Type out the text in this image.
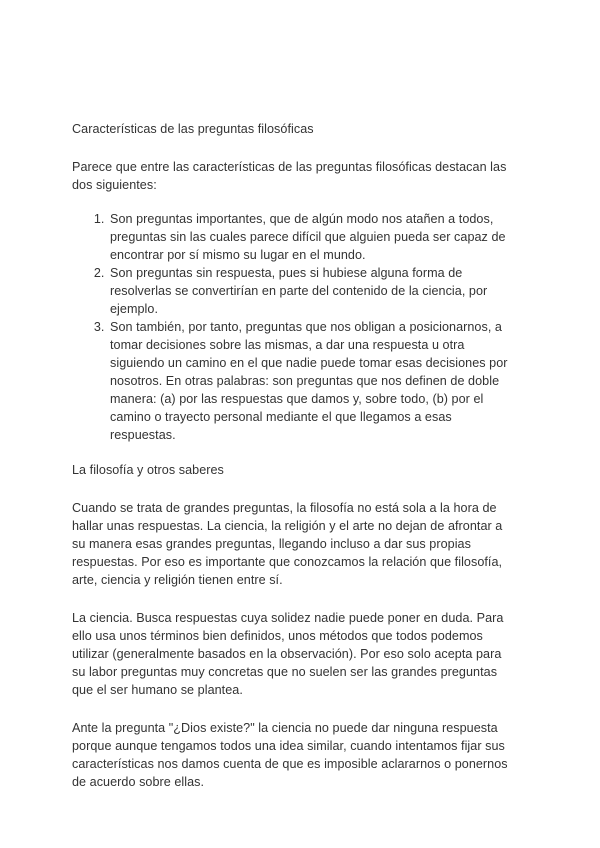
Características de las preguntas filosóficas

Parece que entre las características de las preguntas filosóficas destacan las
dos siguientes:

1. Son preguntas importantes, que de algún modo nos atañen a todos,
preguntas sin las cuales parece difícil que alguien pueda ser capaz de
encontrar por sí mismo su lugar en el mundo.
2. Son preguntas sin respuesta, pues si hubiese alguna forma de
resolverlas se convertirían en parte del contenido de la ciencia, por
ejemplo.
3. Son también, por tanto, preguntas que nos obligan a posicionarnos, a
tomar decisiones sobre las mismas, a dar una respuesta u otra
siguiendo un camino en el que nadie puede tomar esas decisiones por
nosotros. En otras palabras: son preguntas que nos definen de doble
manera: (a) por las respuestas que damos y, sobre todo, (b) por el
camino o trayecto personal mediante el que llegamos a esas
respuestas.

La filosofía y otros saberes

Cuando se trata de grandes preguntas, la filosofía no está sola a la hora de
hallar unas respuestas. La ciencia, la religión y el arte no dejan de afrontar a
su manera esas grandes preguntas, llegando incluso a dar sus propias
respuestas. Por eso es importante que conozcamos la relación que filosofía,
arte, ciencia y religión tienen entre sí.

La ciencia. Busca respuestas cuya solidez nadie puede poner en duda. Para
ello usa unos términos bien definidos, unos métodos que todos podemos
utilizar (generalmente basados en la observación). Por eso solo acepta para
su labor preguntas muy concretas que no suelen ser las grandes preguntas
que el ser humano se plantea.

Ante la pregunta "¿Dios existe?" la ciencia no puede dar ninguna respuesta
porque aunque tengamos todos una idea similar, cuando intentamos fijar sus
características nos damos cuenta de que es imposible aclararnos o ponernos
de acuerdo sobre ellas.
